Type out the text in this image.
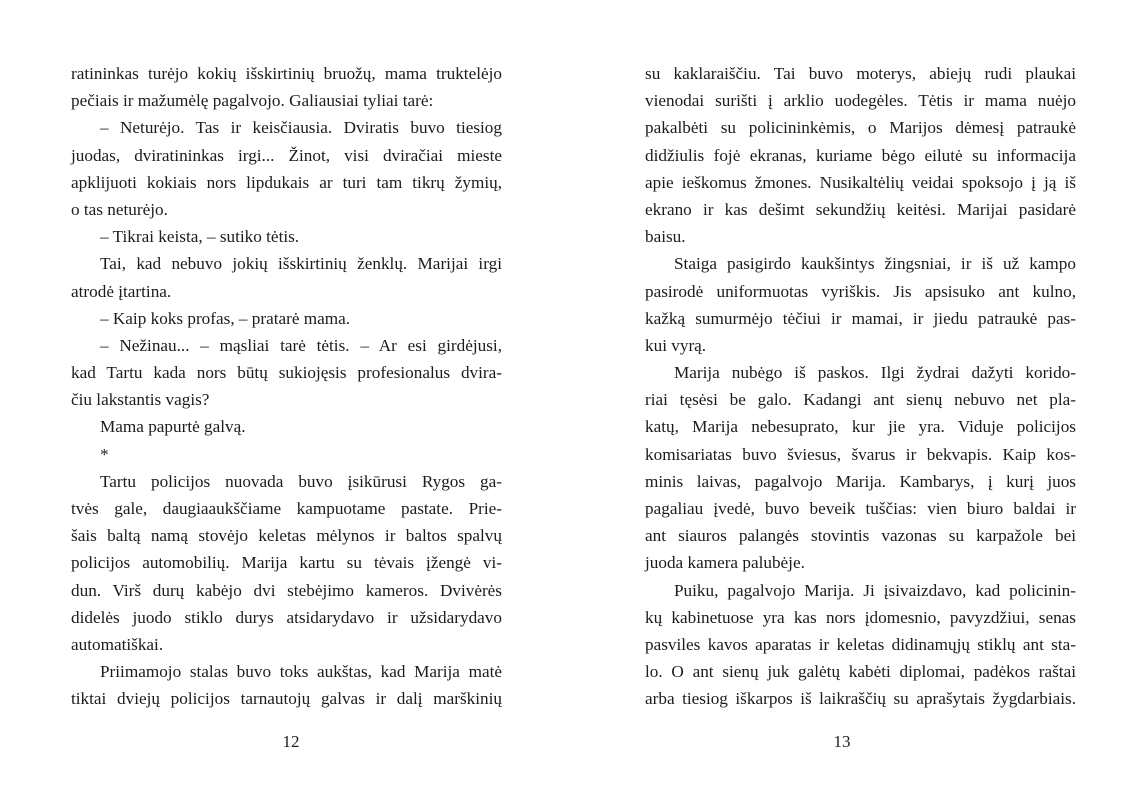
ratininkas turėjo kokių išskirtinių bruožų, mama truktelėjo
pečiais ir mažumėlę pagalvojo. Galiausiai tyliai tarė:
– Neturėjo. Tas ir keisčiausia. Dviratis buvo tiesiog
juodas, dviratininkas irgi... Žinot, visi dviračiai mieste
apklijuoti kokiais nors lipdukais ar turi tam tikrų žymių,
o tas neturėjo.
– Tikrai keista, – sutiko tėtis.
Tai, kad nebuvo jokių išskirtinių ženklų. Marijai irgi
atrodė įtartina.
– Kaip koks profas, – pratarė mama.
– Nežinau... – mąsliai tarė tėtis. – Ar esi girdėjusi,
kad Tartu kada nors būtų sukiojęsis profesionalus dvira-
čiu lakstantis vagis?
Mama papurtė galvą.
*
Tartu policijos nuovada buvo įsikūrusi Rygos ga-
tvės gale, daugiaaukščiame kampuotame pastate. Prie-
šais baltą namą stovėjo keletas mėlynos ir baltos spalvų
policijos automobilių. Marija kartu su tėvais įžengė vi-
dun. Virš durų kabėjo dvi stebėjimo kameros. Dvivėrės
didelės juodo stiklo durys atsidarydavo ir užsidarydavo
automatiškai.
Priimamojo stalas buvo toks aukštas, kad Marija matė
tiktai dviejų policijos tarnautojų galvas ir dalį marškinių
12
su kaklaraiščiu. Tai buvo moterys, abiejų rudi plaukai
vienodai surišti į arklio uodegėles. Tėtis ir mama nuėjo
pakalbėti su policininkėmis, o Marijos dėmesį patraukė
didžiulis fojė ekranas, kuriame bėgo eilutė su informacija
apie ieškomus žmones. Nusikaltėlių veidai spoksojo į ją iš
ekrano ir kas dešimt sekundžių keitėsi. Marijai pasidarė
baisu.
Staiga pasigirdo kaukšintys žingsniai, ir iš už kampo
pasirodė uniformuotas vyriškis. Jis apsisuko ant kulno,
kažką sumurmėjo tėčiui ir mamai, ir jiedu patraukė pas-
kui vyrą.
Marija nubėgo iš paskos. Ilgi žydrai dažyti korido-
riai tęsėsi be galo. Kadangi ant sienų nebuvo net pla-
katų, Marija nebesuprato, kur jie yra. Viduje policijos
komisariatas buvo šviesus, švarus ir bekvapis. Kaip kos-
minis laivas, pagalvojo Marija. Kambarys, į kurį juos
pagaliau įvedė, buvo beveik tuščias: vien biuro baldai ir
ant siauros palangės stovintis vazonas su karpažole bei
juoda kamera palubėje.
Puiku, pagalvojo Marija. Ji įsivaizdavo, kad policinin-
kų kabinetuose yra kas nors įdomesnio, pavyzdžiui, senas
pasviles kavos aparatas ir keletas didinamųjų stiklų ant sta-
lo. O ant sienų juk galėtų kabėti diplomai, padėkos raštai
arba tiesiog iškarpos iš laikraščių su aprašytais žygdarbiais.
13
